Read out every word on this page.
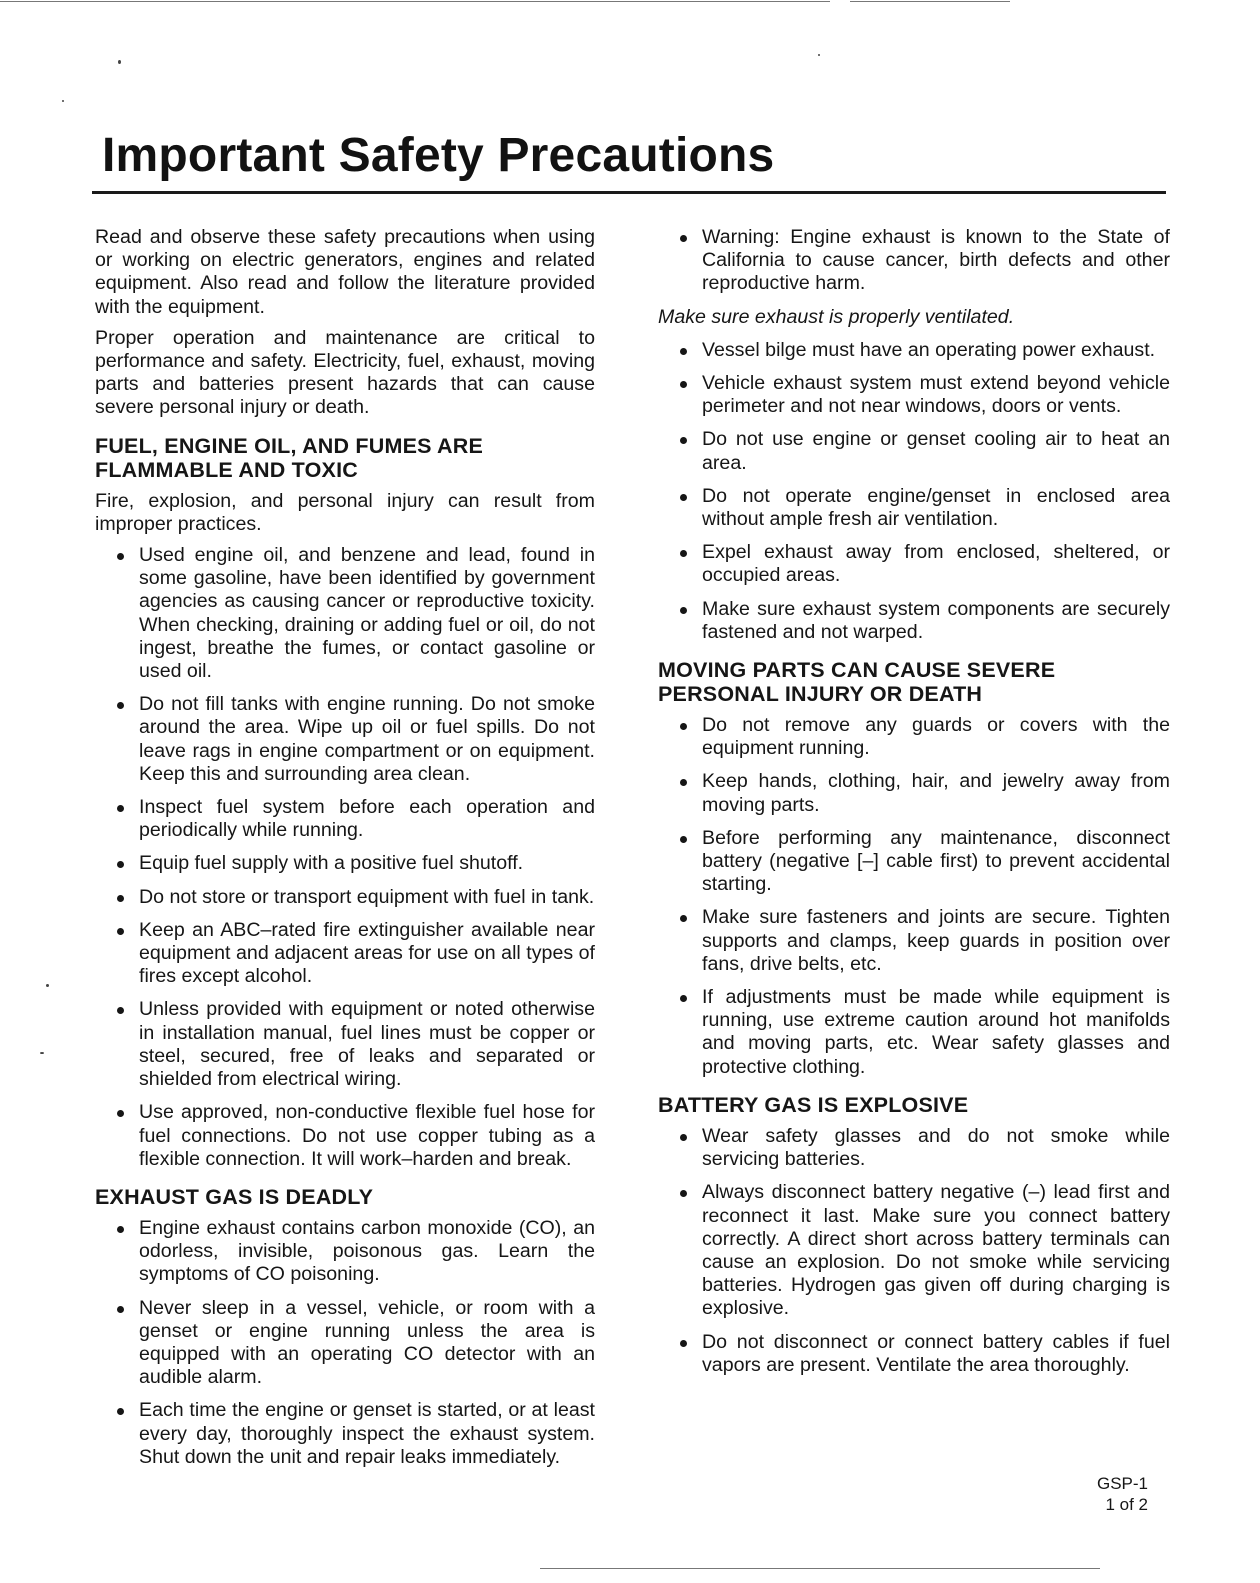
Important Safety Precautions

Read and observe these safety precautions when using or working on electric generators, engines and related equipment. Also read and follow the literature provided with the equipment.

Proper operation and maintenance are critical to performance and safety. Electricity, fuel, exhaust, moving parts and batteries present hazards that can cause severe personal injury or death.

FUEL, ENGINE OIL, AND FUMES ARE
FLAMMABLE AND TOXIC

Fire, explosion, and personal injury can result from improper practices.

Used engine oil, and benzene and lead, found in some gasoline, have been identified by government agencies as causing cancer or reproductive toxicity. When checking, draining or adding fuel or oil, do not ingest, breathe the fumes, or contact gasoline or used oil.
Do not fill tanks with engine running. Do not smoke around the area. Wipe up oil or fuel spills. Do not leave rags in engine compartment or on equipment. Keep this and surrounding area clean.
Inspect fuel system before each operation and periodically while running.
Equip fuel supply with a positive fuel shutoff.
Do not store or transport equipment with fuel in tank.
Keep an ABC–rated fire extinguisher available near equipment and adjacent areas for use on all types of fires except alcohol.
Unless provided with equipment or noted otherwise in installation manual, fuel lines must be copper or steel, secured, free of leaks and separated or shielded from electrical wiring.
Use approved, non-conductive flexible fuel hose for fuel connections. Do not use copper tubing as a flexible connection. It will work–harden and break.
EXHAUST GAS IS DEADLY
Engine exhaust contains carbon monoxide (CO), an odorless, invisible, poisonous gas. Learn the symptoms of CO poisoning.
Never sleep in a vessel, vehicle, or room with a genset or engine running unless the area is equipped with an operating CO detector with an audible alarm.
Each time the engine or genset is started, or at least every day, thoroughly inspect the exhaust system. Shut down the unit and repair leaks immediately.
Warning: Engine exhaust is known to the State of California to cause cancer, birth defects and other reproductive harm.

Make sure exhaust is properly ventilated.

Vessel bilge must have an operating power exhaust.
Vehicle exhaust system must extend beyond vehicle perimeter and not near windows, doors or vents.
Do not use engine or genset cooling air to heat an area.
Do not operate engine/genset in enclosed area without ample fresh air ventilation.
Expel exhaust away from enclosed, sheltered, or occupied areas.
Make sure exhaust system components are securely fastened and not warped.
MOVING PARTS CAN CAUSE SEVERE
PERSONAL INJURY OR DEATH
Do not remove any guards or covers with the equipment running.
Keep hands, clothing, hair, and jewelry away from moving parts.
Before performing any maintenance, disconnect battery (negative [–] cable first) to prevent accidental starting.
Make sure fasteners and joints are secure. Tighten supports and clamps, keep guards in position over fans, drive belts, etc.
If adjustments must be made while equipment is running, use extreme caution around hot manifolds and moving parts, etc. Wear safety glasses and protective clothing.
BATTERY GAS IS EXPLOSIVE
Wear safety glasses and do not smoke while servicing batteries.
Always disconnect battery negative (–) lead first and reconnect it last. Make sure you connect battery correctly. A direct short across battery terminals can cause an explosion. Do not smoke while servicing batteries. Hydrogen gas given off during charging is explosive.
Do not disconnect or connect battery cables if fuel vapors are present. Ventilate the area thoroughly.
GSP-1
1 of 2
